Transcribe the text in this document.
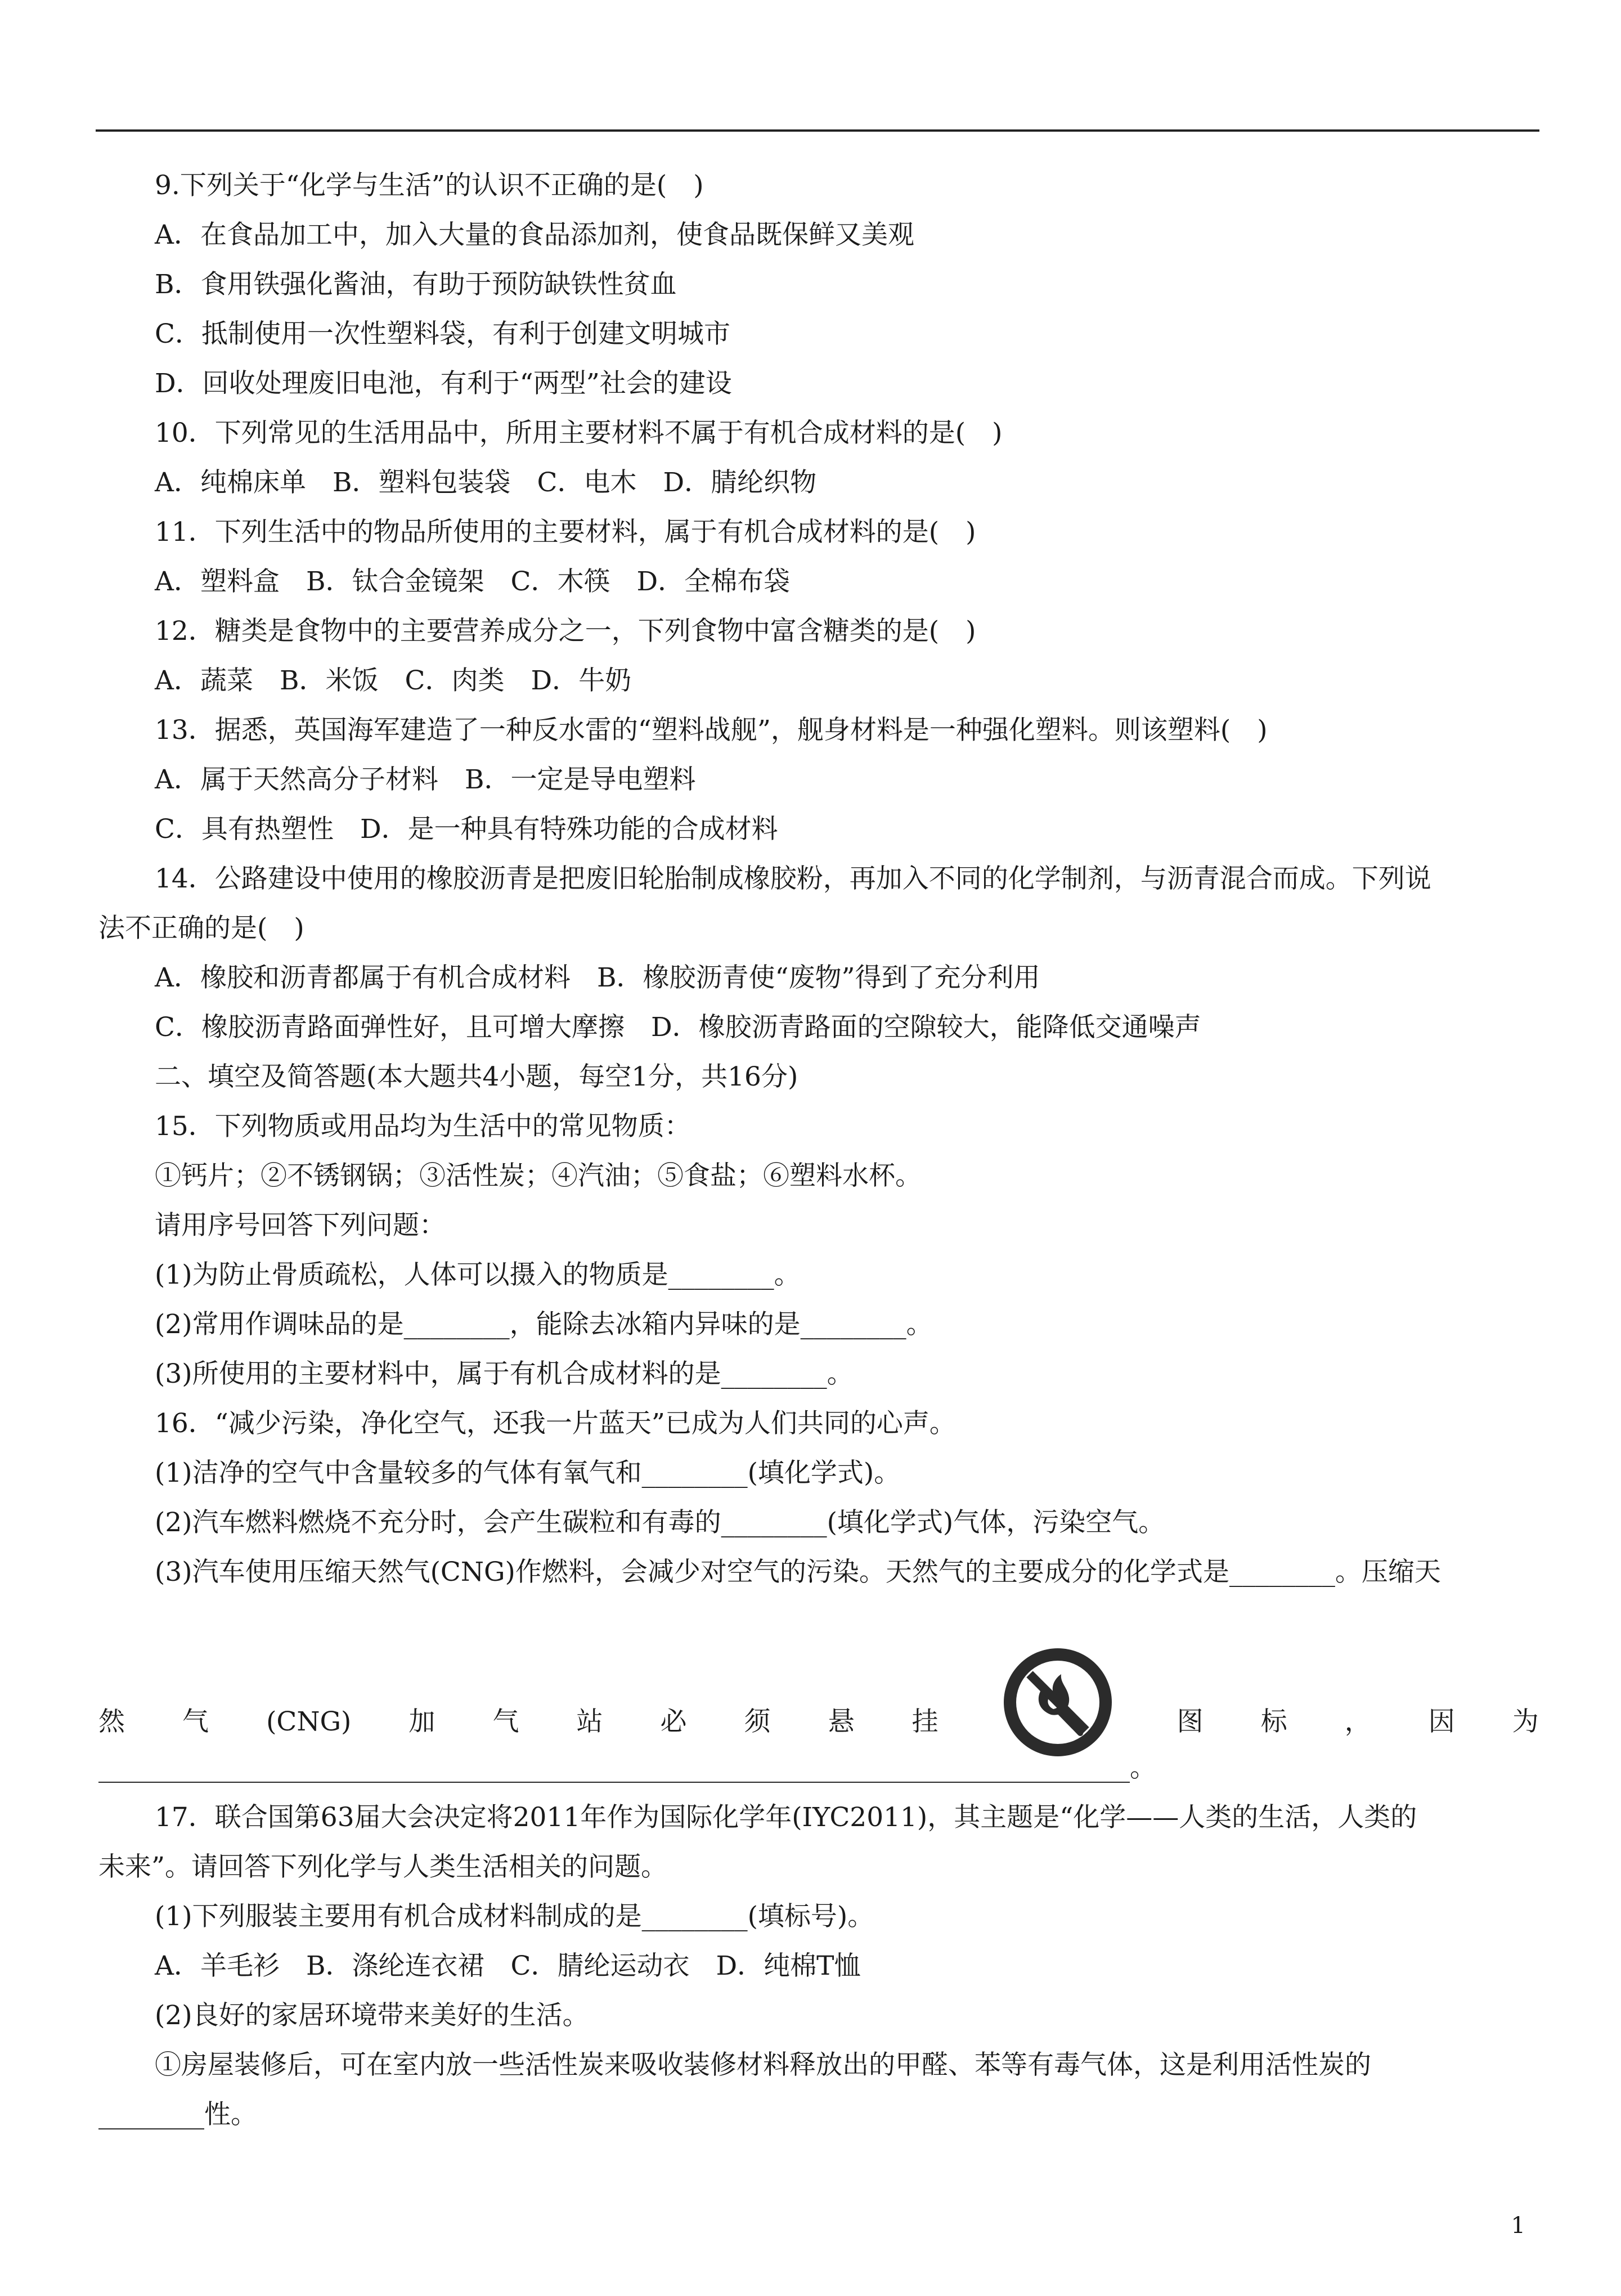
9.下列关于“化学与生活”的认识不正确的是(　)
A．在食品加工中，加入大量的食品添加剂，使食品既保鲜又美观
B．食用铁强化酱油，有助于预防缺铁性贫血
C．抵制使用一次性塑料袋，有利于创建文明城市
D．回收处理废旧电池，有利于“两型”社会的建设
10．下列常见的生活用品中，所用主要材料不属于有机合成材料的是(　)
A．纯棉床单　B．塑料包装袋　C．电木　D．腈纶织物
11．下列生活中的物品所使用的主要材料，属于有机合成材料的是(　)
A．塑料盒　B．钛合金镜架　C．木筷　D．全棉布袋
12．糖类是食物中的主要营养成分之一，下列食物中富含糖类的是(　)
A．蔬菜　B．米饭　C．肉类　D．牛奶
13．据悉，英国海军建造了一种反水雷的“塑料战舰”，舰身材料是一种强化塑料。则该塑料(　)
A．属于天然高分子材料　B．一定是导电塑料
C．具有热塑性　D．是一种具有特殊功能的合成材料
14．公路建设中使用的橡胶沥青是把废旧轮胎制成橡胶粉，再加入不同的化学制剂，与沥青混合而成。下列说
法不正确的是(　)
A．橡胶和沥青都属于有机合成材料　B．橡胶沥青使“废物”得到了充分利用
C．橡胶沥青路面弹性好，且可增大摩擦　D．橡胶沥青路面的空隙较大，能降低交通噪声
二、填空及简答题(本大题共4小题，每空1分，共16分)
15．下列物质或用品均为生活中的常见物质：
①钙片；②不锈钢锅；③活性炭；④汽油；⑤食盐；⑥塑料水杯。
请用序号回答下列问题：
(1)为防止骨质疏松，人体可以摄入的物质是________。
(2)常用作调味品的是________，能除去冰箱内异味的是________。
(3)所使用的主要材料中，属于有机合成材料的是________。
16．“减少污染，净化空气，还我一片蓝天”已成为人们共同的心声。
(1)洁净的空气中含量较多的气体有氧气和________(填化学式)。
(2)汽车燃料燃烧不充分时，会产生碳粒和有毒的________(填化学式)气体，污染空气。
(3)汽车使用压缩天然气(CNG)作燃料，会减少对空气的污染。天然气的主要成分的化学式是________。压缩天
然 气 (CNG) 加 气 站 必 须 悬 挂	图 标 ， 因 为
______________________________________________________________________________。
17．联合国第63届大会决定将2011年作为国际化学年(IYC2011)，其主题是“化学——人类的生活，人类的
未来”。请回答下列化学与人类生活相关的问题。
(1)下列服装主要用有机合成材料制成的是________(填标号)。
A．羊毛衫　B．涤纶连衣裙　C．腈纶运动衣　D．纯棉T恤
(2)良好的家居环境带来美好的生活。
①房屋装修后，可在室内放一些活性炭来吸收装修材料释放出的甲醛、苯等有毒气体，这是利用活性炭的
________性。
1
